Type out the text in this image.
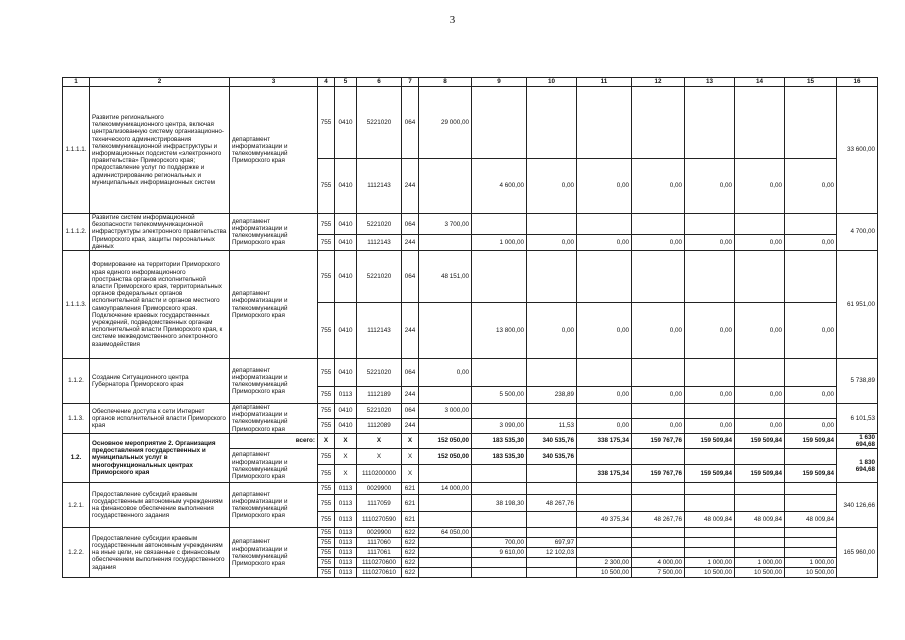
3
1	2	3	4	5	6	7	8	9	10	11	12	13	14	15	16
1.1.1.1.	Развитие регионального телекоммуникационного центра, включая централизованную систему организационно-технического администрирования телекоммуникационной инфраструктуры и информационных подсистем «электронного правительства» Приморского края; предоставление услуг по поддержке и администрированию региональных и муниципальных информационных систем	департамент информатизации и телекоммуникаций Приморского края	755	0410	5221020	064	29 000,00								33 600,00
			755	0410	1112143	244		4 600,00	0,00	0,00	0,00	0,00	0,00	0,00	
1.1.1.2.	Развитие систем информационной безопасности телекоммуникационной инфраструктуры электронного правительства Приморского края, защиты персональных данных	департамент информатизации и телекоммуникаций Приморского края	755	0410	5221020	064	3 700,00								4 700,00
			755	0410	1112143	244		1 000,00	0,00	0,00	0,00	0,00	0,00	0,00	
1.1.1.3.	Формирование на территории Приморского края единого информационного пространства органов исполнительной власти Приморского края, территориальных органов федеральных органов исполнительной власти и органов местного самоуправления Приморского края. Подключение краевых государственных учреждений, подведомственных органам исполнительной власти Приморского края, к системе межведомственного электронного взаимодействия	департамент информатизации и телекоммуникаций Приморского края	755	0410	5221020	064	48 151,00								61 951,00
			755	0410	1112143	244		13 800,00	0,00	0,00	0,00	0,00	0,00	0,00	
1.1.2.	Создание Ситуационного центра Губернатора Приморского края	департамент информатизации и телекоммуникаций Приморского края	755	0410	5221020	064	0,00								5 738,89
			755	0113	1112189	244		5 500,00	238,89	0,00	0,00	0,00	0,00	0,00	
1.1.3.	Обеспечение доступа к сети Интернет органов исполнительной власти Приморского края	департамент информатизации и телекоммуникаций Приморского края	755	0410	5221020	064	3 000,00								6 101,53
			755	0410	1112089	244		3 090,00	11,53	0,00	0,00	0,00	0,00	0,00	
1.2.	Основное мероприятие 2. Организация предоставления государственных и муниципальных услуг в многофункциональных центрах Приморского края	всего:	X	X	X	X	152 050,00	183 535,30	340 535,76	338 175,34	159 767,76	159 509,84	159 509,84	159 509,84	1 630 694,68
		департамент информатизации и телекоммуникаций Приморского края	755	X	X	X	152 050,00	183 535,30	340 535,76						1 830 694,68
			755	X	1110200000	X				338 175,34	159 767,76	159 509,84	159 509,84	159 509,84	
1.2.1.	Предоставление субсидий краевым государственным автономным учреждениям на финансовое обеспечение выполнения государственного задания	департамент информатизации и телекоммуникаций Приморского края	755	0113	0029900	621	14 000,00								340 126,66
			755	0113	1117059	621		38 198,30	48 267,76						
			755	0113	1110270590	621				49 375,34	48 267,76	48 009,84	48 009,84	48 009,84	
1.2.2.	Предоставление субсидии краевым государственным автономным учреждениям на иные цели, не связанные с финансовым обеспечением выполнения государственного задания	департамент информатизации и телекоммуникаций Приморского края	755	0113	0029900	622	64 050,00								165 960,00
			755	0113	1117060	622		700,00	697,97						
			755	0113	1117061	622		9 610,00	12 102,03						
			755	0113	1110270600	622				2 300,00	4 000,00	1 000,00	1 000,00	1 000,00	
			755	0113	1110270610	622				10 500,00	7 500,00	10 500,00	10 500,00	10 500,00	
